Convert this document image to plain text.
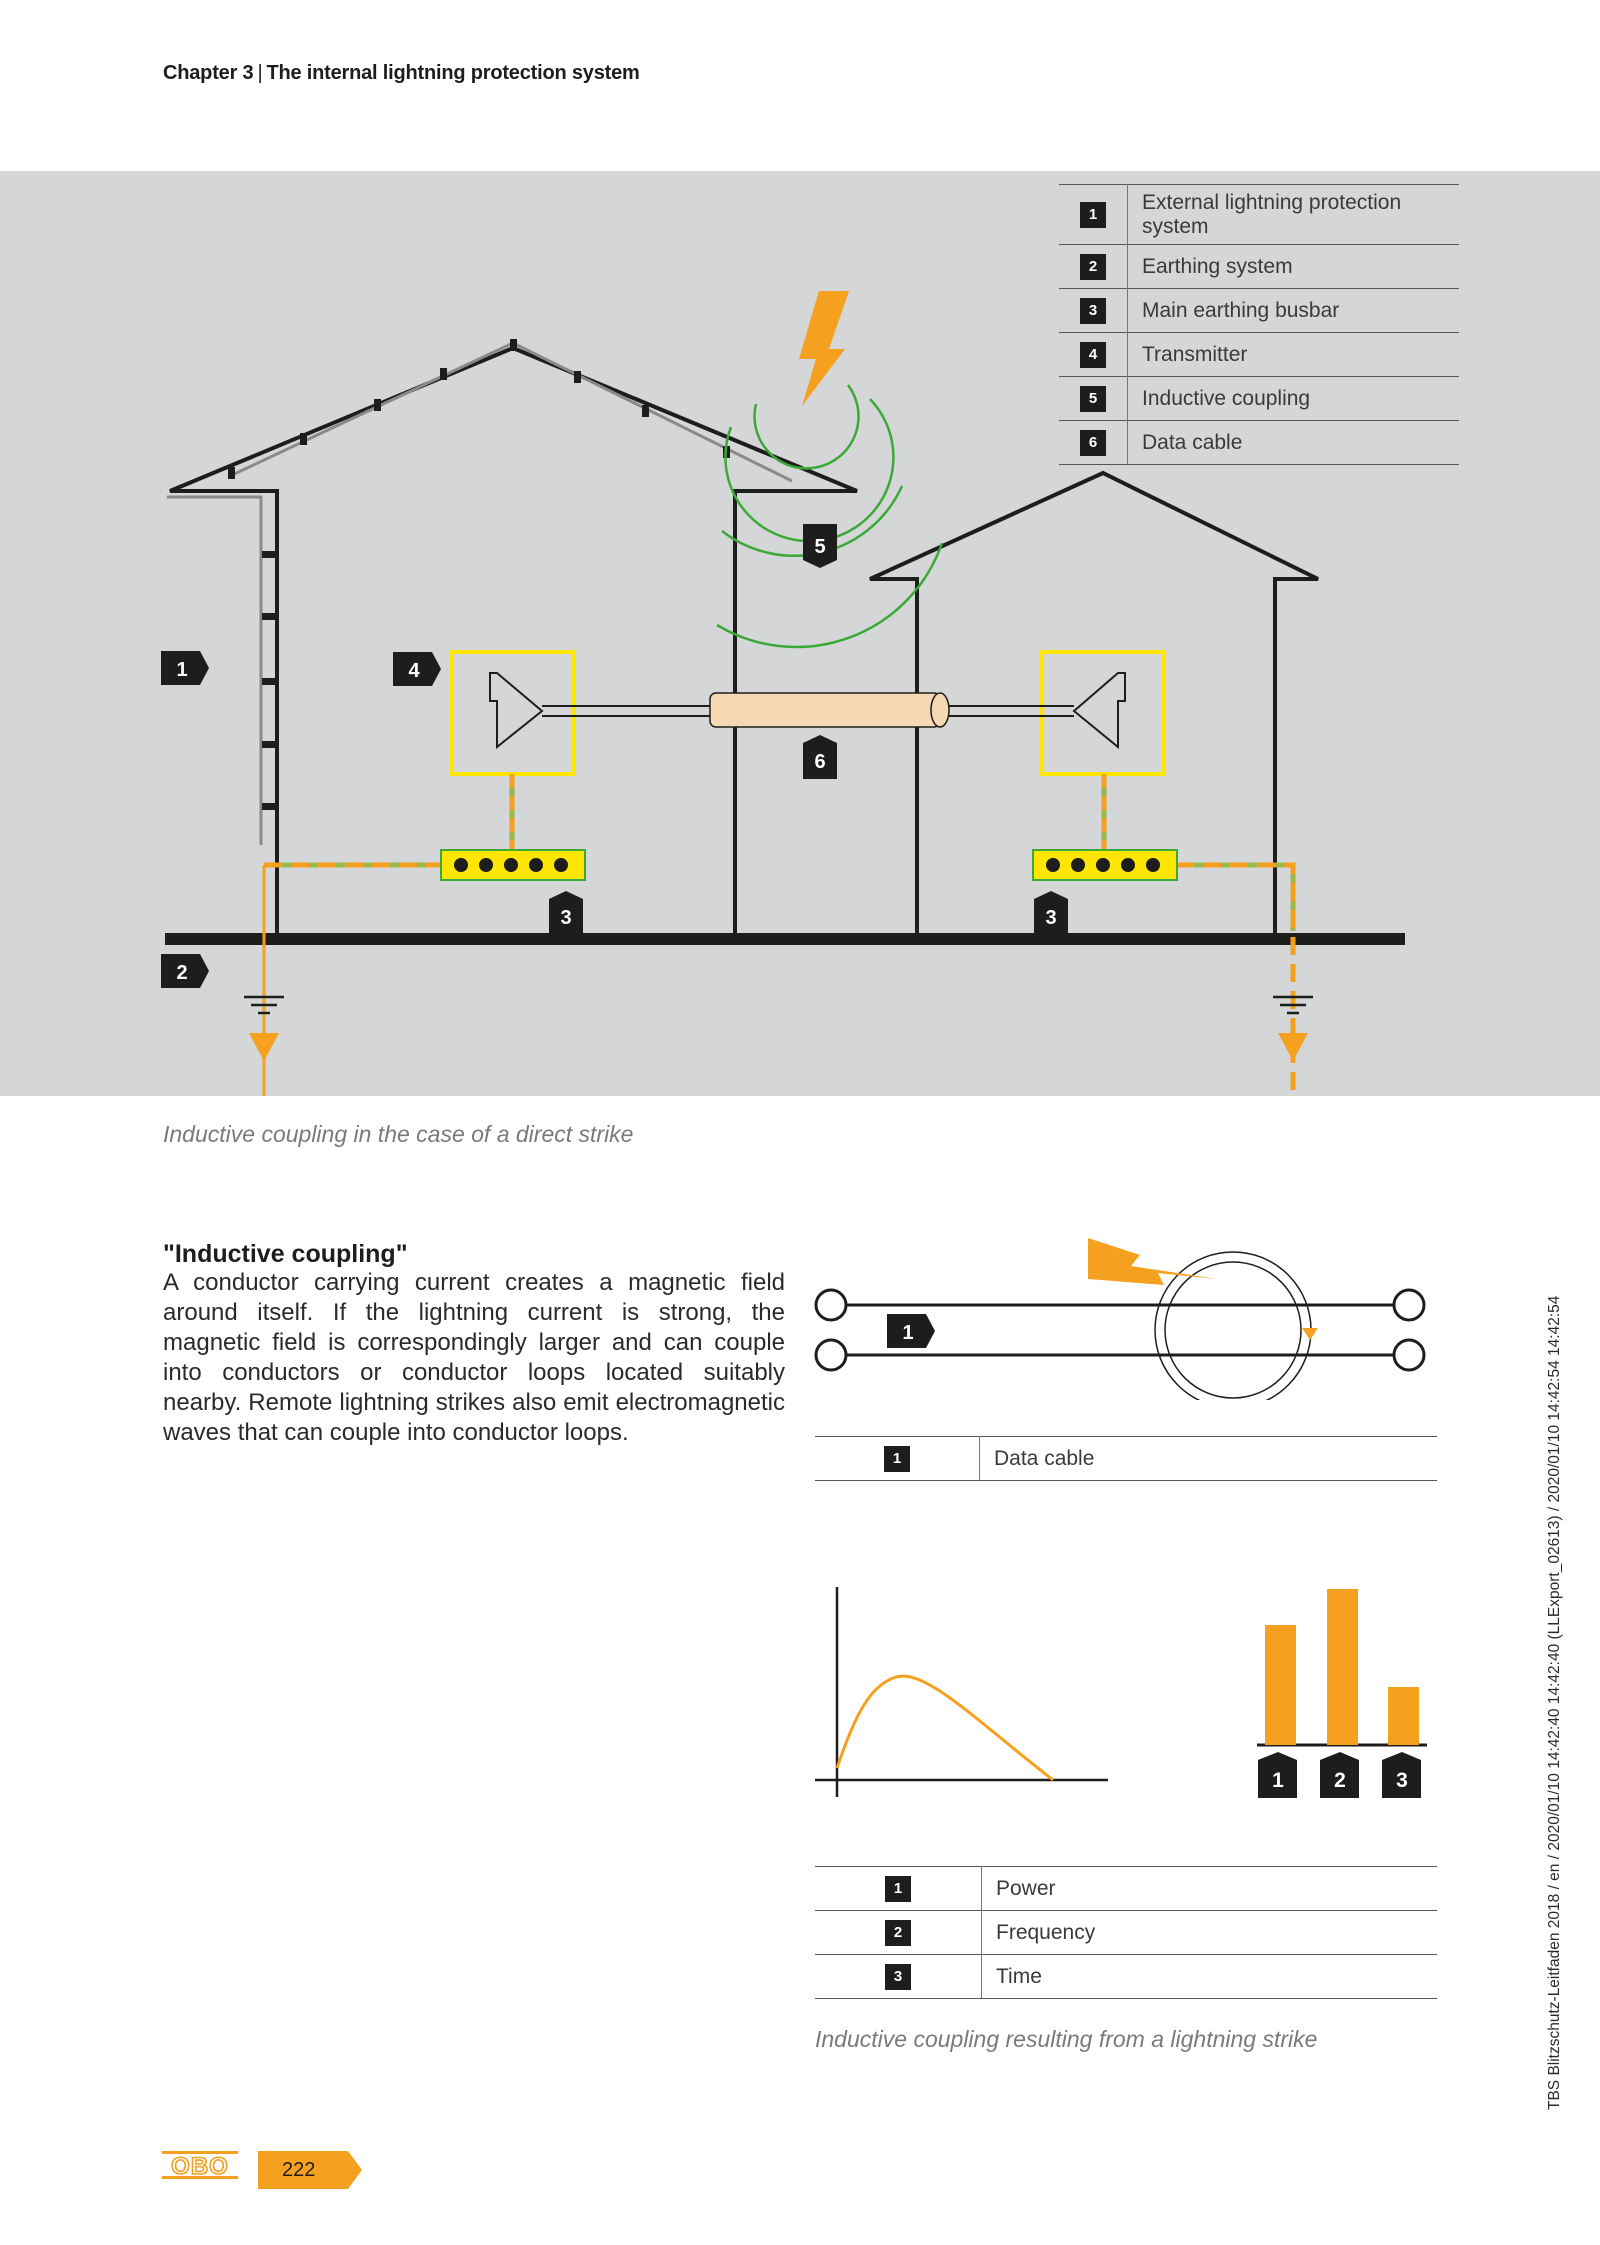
Chapter 3 | The internal lightning protection system
1
2
4
5
6
3	3
1	External lightning protection system
2	Earthing system
3	Main earthing busbar
4	Transmitter
5	Inductive coupling
6	Data cable
Inductive coupling in the case of a direct strike
"Inductive coupling"
A conductor carrying current creates a magnetic field around itself. If the lightning current is strong, the magnetic field is correspondingly larger and can couple into conductors or conductor loops located suitably nearby. Remote lightning strikes also emit electromagnetic waves that can couple into conductor loops.
1
1	Data cable
1 2 3
1	Power
2	Frequency
3	Time
Inductive coupling resulting from a lightning strike	TBS Blitzschutz-Leitfaden 2018 / en / 2020/01/10 14:42:40 14:42:40 (LLExport_02613) / 2020/01/10 14:42:54 14:42:54
OBO	222
